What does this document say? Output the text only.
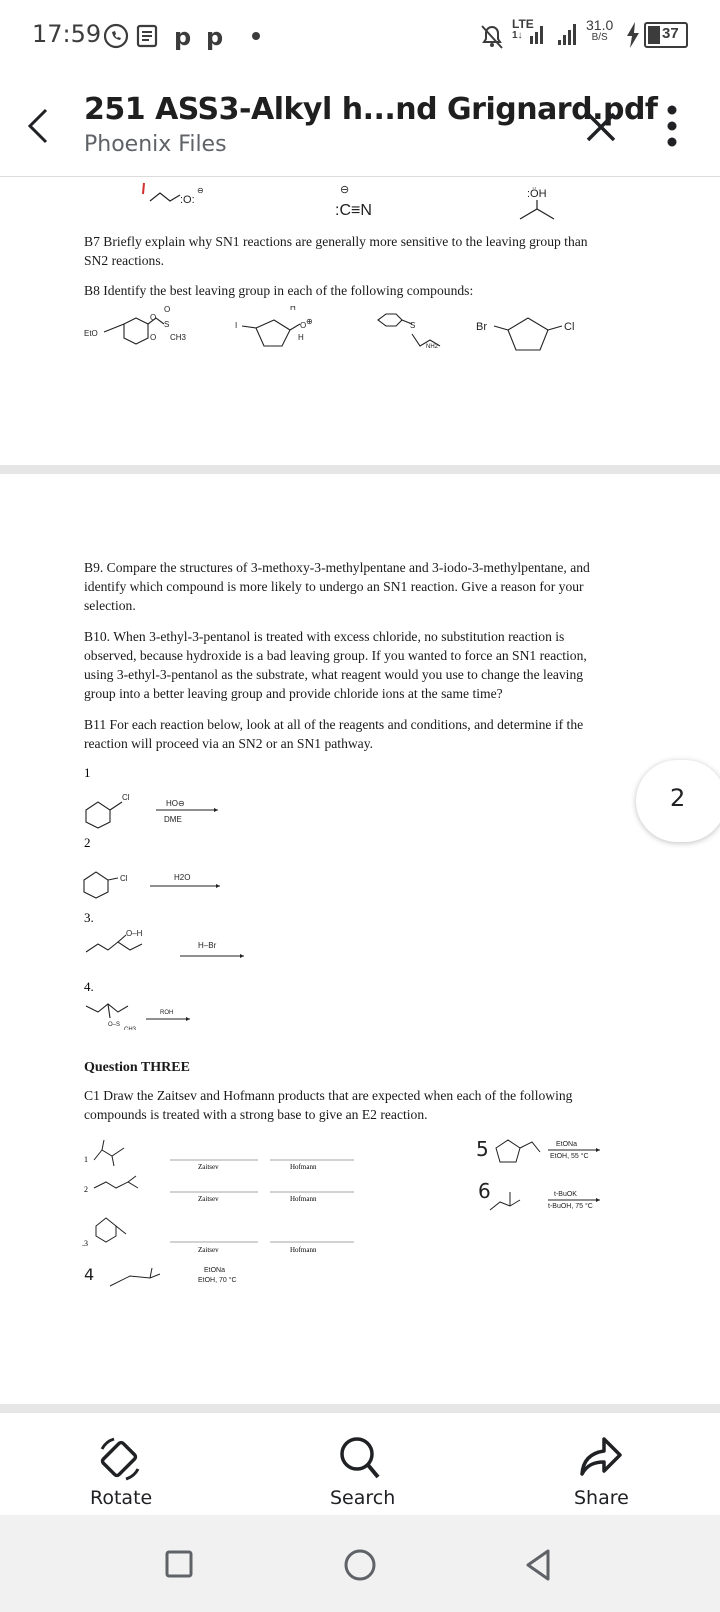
17:59	p p	LTE
1↓
31.0
B/S	37
251 ASS3-Alkyl h...nd Grignard.pdf
Phoenix Files
:O:
⊖	⊖
:C≡N
:ÖH
B7 Briefly explain why SN1 reactions are generally more sensitive to the leaving group than SN2 reactions.
B8 Identify the best leaving group in each of the following compounds:
EtO
O
S
O
O CH3
I	O
H
H
⊕	S
NH2
Br	Cl
B9. Compare the structures of 3-methoxy-3-methylpentane and 3-iodo-3-methylpentane, and identify which compound is more likely to undergo an SN1 reaction. Give a reason for your selection.
B10. When 3-ethyl-3-pentanol is treated with excess chloride, no substitution reaction is observed, because hydroxide is a bad leaving group. If you wanted to force an SN1 reaction, using 3-ethyl-3-pentanol as the substrate, what reagent would you use to change the leaving group into a better leaving group and provide chloride ions at the same time?
B11 For each reaction below, look at all of the reagents and conditions, and determine if the reaction will proceed via an SN2 or an SN1 pathway.
1
Cl
HO⊖
DME
2
Cl	H2O
3.
O–H
H–Br
4.
O–S
CH3
ROH
Question THREE
C1 Draw the Zaitsev and Hofmann products that are expected when each of the following compounds is treated with a strong base to give an E2 reaction.
1
Zaitsev	Hofmann
2
Zaitsev	Hofmann
.3
Zaitsev	Hofmann
4	EtONa
EtOH, 70 °C
5	EtONa
EtOH, 55 °C
6	t-BuOK
t-BuOH, 75 °C
2
Rotate	Search	Share
